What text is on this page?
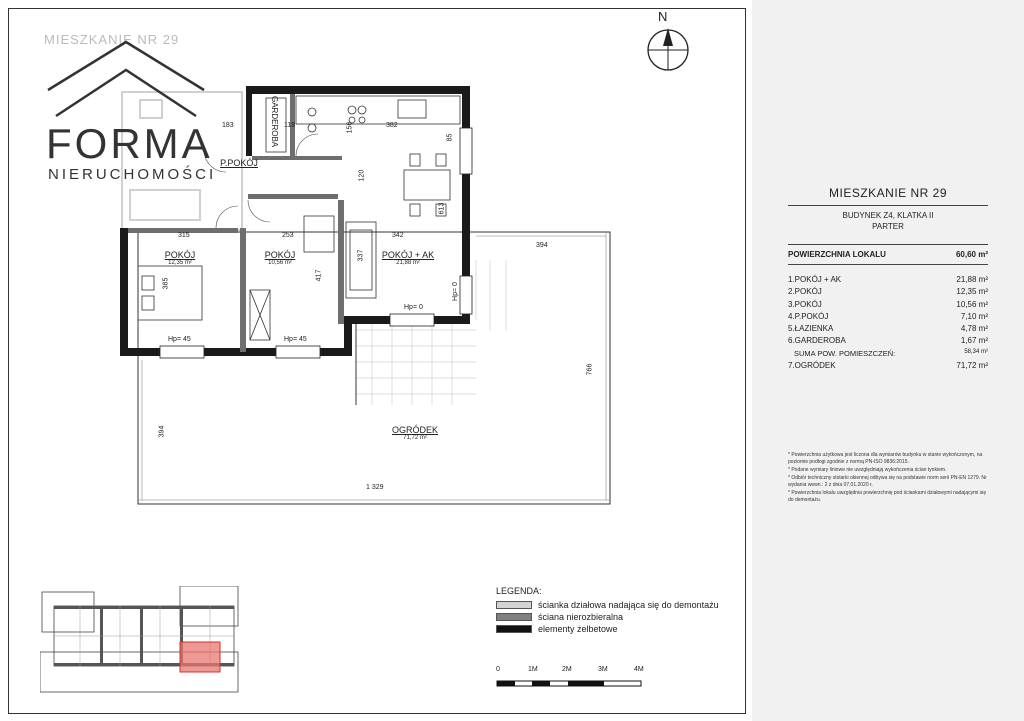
POKÓJ
12,35 m²
POKÓJ
10,56 m²
POKÓJ + AK
21,88 m²
P.POKÓJ
GARDEROBA
OGRÓDEK
71,72 m²
315	253	342
394
385
417
337
382
120
156
118
183
85
613
766
394
1 329
Hp= 45	Hp= 45
Hp= 0
Hp= 0
MIESZKANIE NR 29
FORMA
NIERUCHOMOŚCI
N
LEGENDA:
ścianka działowa nadająca się do demontażu
ściana nierozbieralna
elementy żelbetowe
0	1M	2M	3M	4M
MIESZKANIE NR 29
BUDYNEK Z4, KLATKA II
PARTER
POWIERZCHNIA LOKALU	60,60 m²
1.POKÓJ + AK	21,88 m²
2.POKÓJ	12,35 m²
3.POKÓJ	10,56 m²
4.P.POKÓJ	7,10 m²
5.ŁAZIENKA	4,78 m²
6.GARDEROBA	1,67 m²
SUMA POW. POMIESZCZEŃ:	58,34 m²
7.OGRÓDEK	71,72 m²

* Powierzchnia użytkowa jest liczona dla wymiarów budynku w stanie wykończonym, na poziomie podłogi zgodnie z normą PN-ISO 9836:2015.

* Podane wymiary liniowe nie uwzględniają wykończenia ścian tynkiem.

* Odbiór techniczny stolarki okiennej odbywa się na podstawie norm serii PN-EN 1279. Nr wydania wewn.: 2 z dnia 07.01.2020 r.

* Powierzchnia lokalu uwzględnia powierzchnię pod ściankami działowymi nadającymi się do demontażu.
